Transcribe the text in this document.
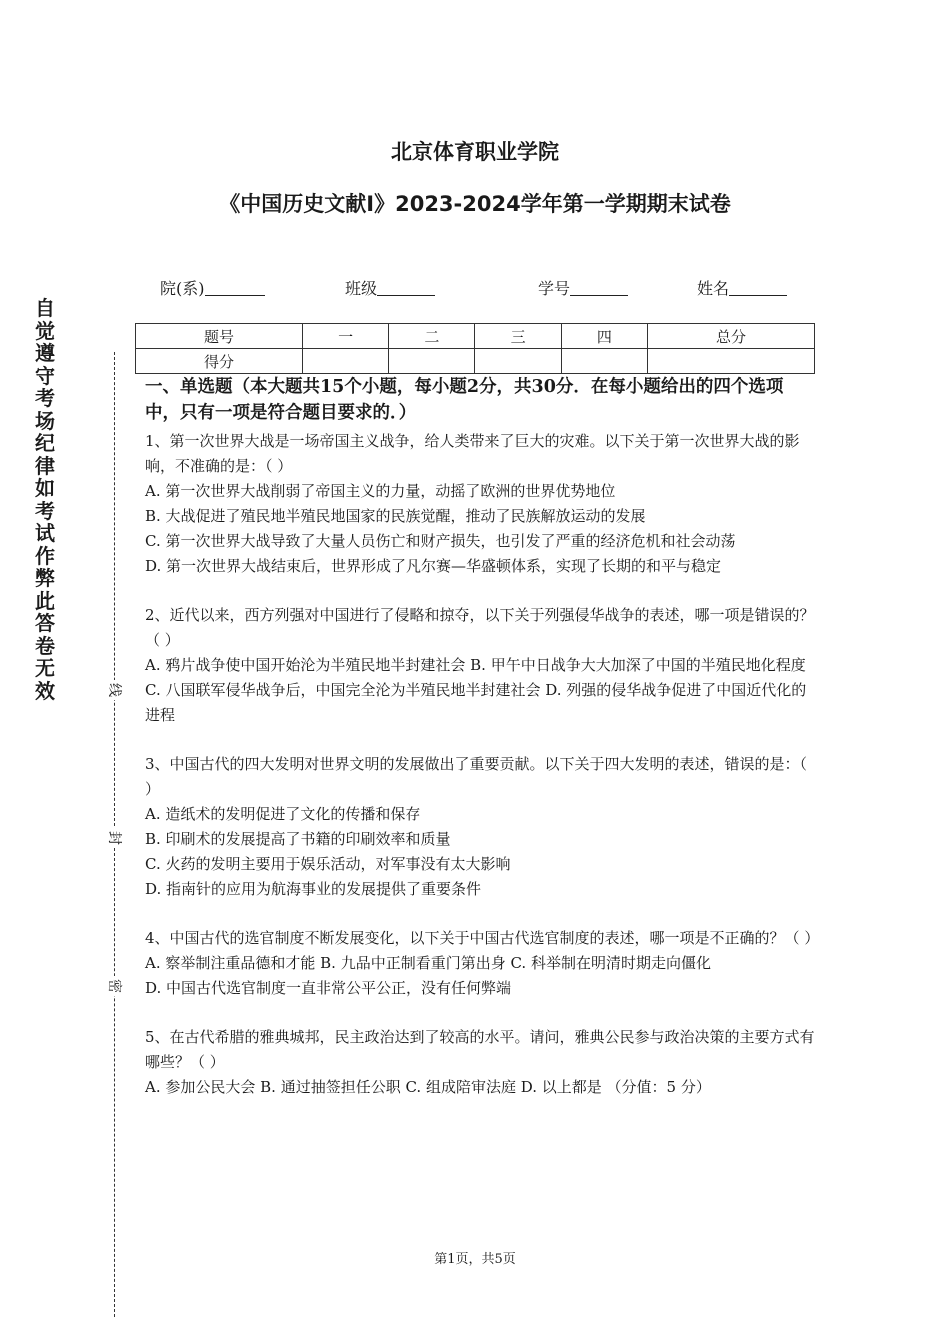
北京体育职业学院
《中国历史文献Ⅰ》2023-2024学年第一学期期末试卷
院(系)	班级	学号	姓名
题号	一	二	三	四	总分
得分					
自
觉
遵
守
考
场
纪
律
如
考
试
作
弊
此
答
卷
无
效	线
封
密

一、单选题（本大题共15个小题，每小题2分，共30分．在每小题给出的四个选项中，只有一项是符合题目要求的．）

1、第一次世界大战是一场帝国主义战争，给人类带来了巨大的灾难。以下关于第一次世界大战的影响，不准确的是：（ ）

A. 第一次世界大战削弱了帝国主义的力量，动摇了欧洲的世界优势地位

B. 大战促进了殖民地半殖民地国家的民族觉醒，推动了民族解放运动的发展

C. 第一次世界大战导致了大量人员伤亡和财产损失，也引发了严重的经济危机和社会动荡

D. 第一次世界大战结束后，世界形成了凡尔赛—华盛顿体系，实现了长期的和平与稳定

2、近代以来，西方列强对中国进行了侵略和掠夺，以下关于列强侵华战争的表述，哪一项是错误的？（ ）

A. 鸦片战争使中国开始沦为半殖民地半封建社会 B. 甲午中日战争大大加深了中国的半殖民地化程度 C. 八国联军侵华战争后，中国完全沦为半殖民地半封建社会 D. 列强的侵华战争促进了中国近代化的进程

3、中国古代的四大发明对世界文明的发展做出了重要贡献。以下关于四大发明的表述，错误的是：（ ）

A. 造纸术的发明促进了文化的传播和保存

B. 印刷术的发展提高了书籍的印刷效率和质量

C. 火药的发明主要用于娱乐活动，对军事没有太大影响

D. 指南针的应用为航海事业的发展提供了重要条件

4、中国古代的选官制度不断发展变化，以下关于中国古代选官制度的表述，哪一项是不正确的？（ ）

A. 察举制注重品德和才能 B. 九品中正制看重门第出身 C. 科举制在明清时期走向僵化

D. 中国古代选官制度一直非常公平公正，没有任何弊端

5、在古代希腊的雅典城邦，民主政治达到了较高的水平。请问，雅典公民参与政治决策的主要方式有哪些？（ ）

A. 参加公民大会 B. 通过抽签担任公职 C. 组成陪审法庭 D. 以上都是 （分值：5 分）

第1页，共5页
